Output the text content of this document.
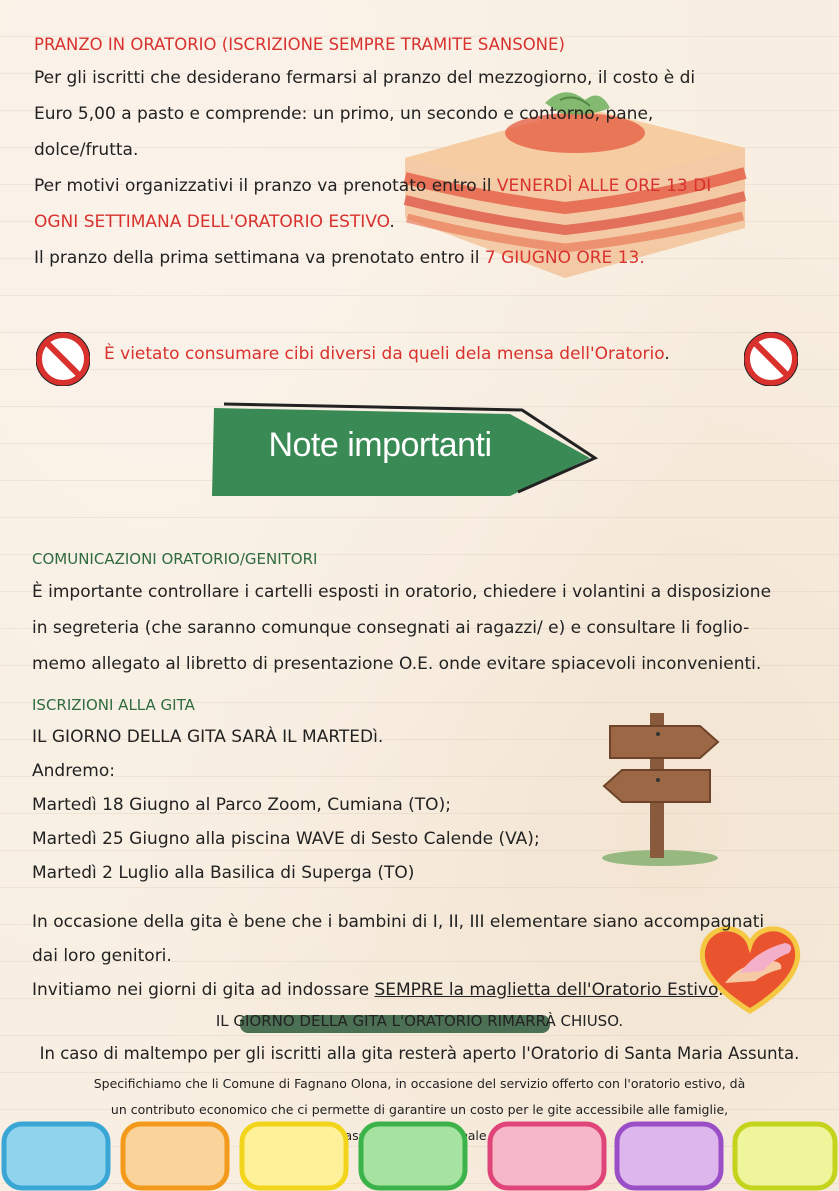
PRANZO IN ORATORIO (ISCRIZIONE SEMPRE TRAMITE SANSONE)
Per gli iscritti che desiderano fermarsi al pranzo del mezzogiorno, il costo è di
Euro 5,00 a pasto e comprende: un primo, un secondo e contorno, pane,
dolce/frutta.
Per motivi organizzativi il pranzo va prenotato entro il VENERDÌ ALLE ORE 13 DI
OGNI SETTIMANA DELL'ORATORIO ESTIVO.
Il pranzo della prima settimana va prenotato entro il 7 GIUGNO ORE 13.
È vietato consumare cibi diversi da queli dela mensa dell'Oratorio.
Note importanti
COMUNICAZIONI ORATORIO/GENITORI
È importante controllare i cartelli esposti in oratorio, chiedere i volantini a disposizione
in segreteria (che saranno comunque consegnati ai ragazzi/ e) e consultare li foglio-
memo allegato al libretto di presentazione O.E. onde evitare spiacevoli inconvenienti.
ISCRIZIONI ALLA GITA
IL GIORNO DELLA GITA SARÀ IL MARTEDì.
Andremo:
Martedì 18 Giugno al Parco Zoom, Cumiana (TO);
Martedì 25 Giugno alla piscina WAVE di Sesto Calende (VA);
Martedì 2 Luglio alla Basilica di Superga (TO)
In occasione della gita è bene che i bambini di I, II, III elementare siano accompagnati
dai loro genitori.
Invitiamo nei giorni di gita ad indossare SEMPRE la maglietta dell'Oratorio Estivo.
IL GIORNO DELLA GITA L'ORATORIO RIMARRÀ CHIUSO.
In caso di maltempo per gli iscritti alla gita resterà aperto l'Oratorio di Santa Maria Assunta.
Specifichiamo che li Comune di Fagnano Olona, in occasione del servizio offerto con l'oratorio estivo, dà
un contributo economico che ci permette di garantire un costo per le gite accessibile alle famiglie,
basso reale
